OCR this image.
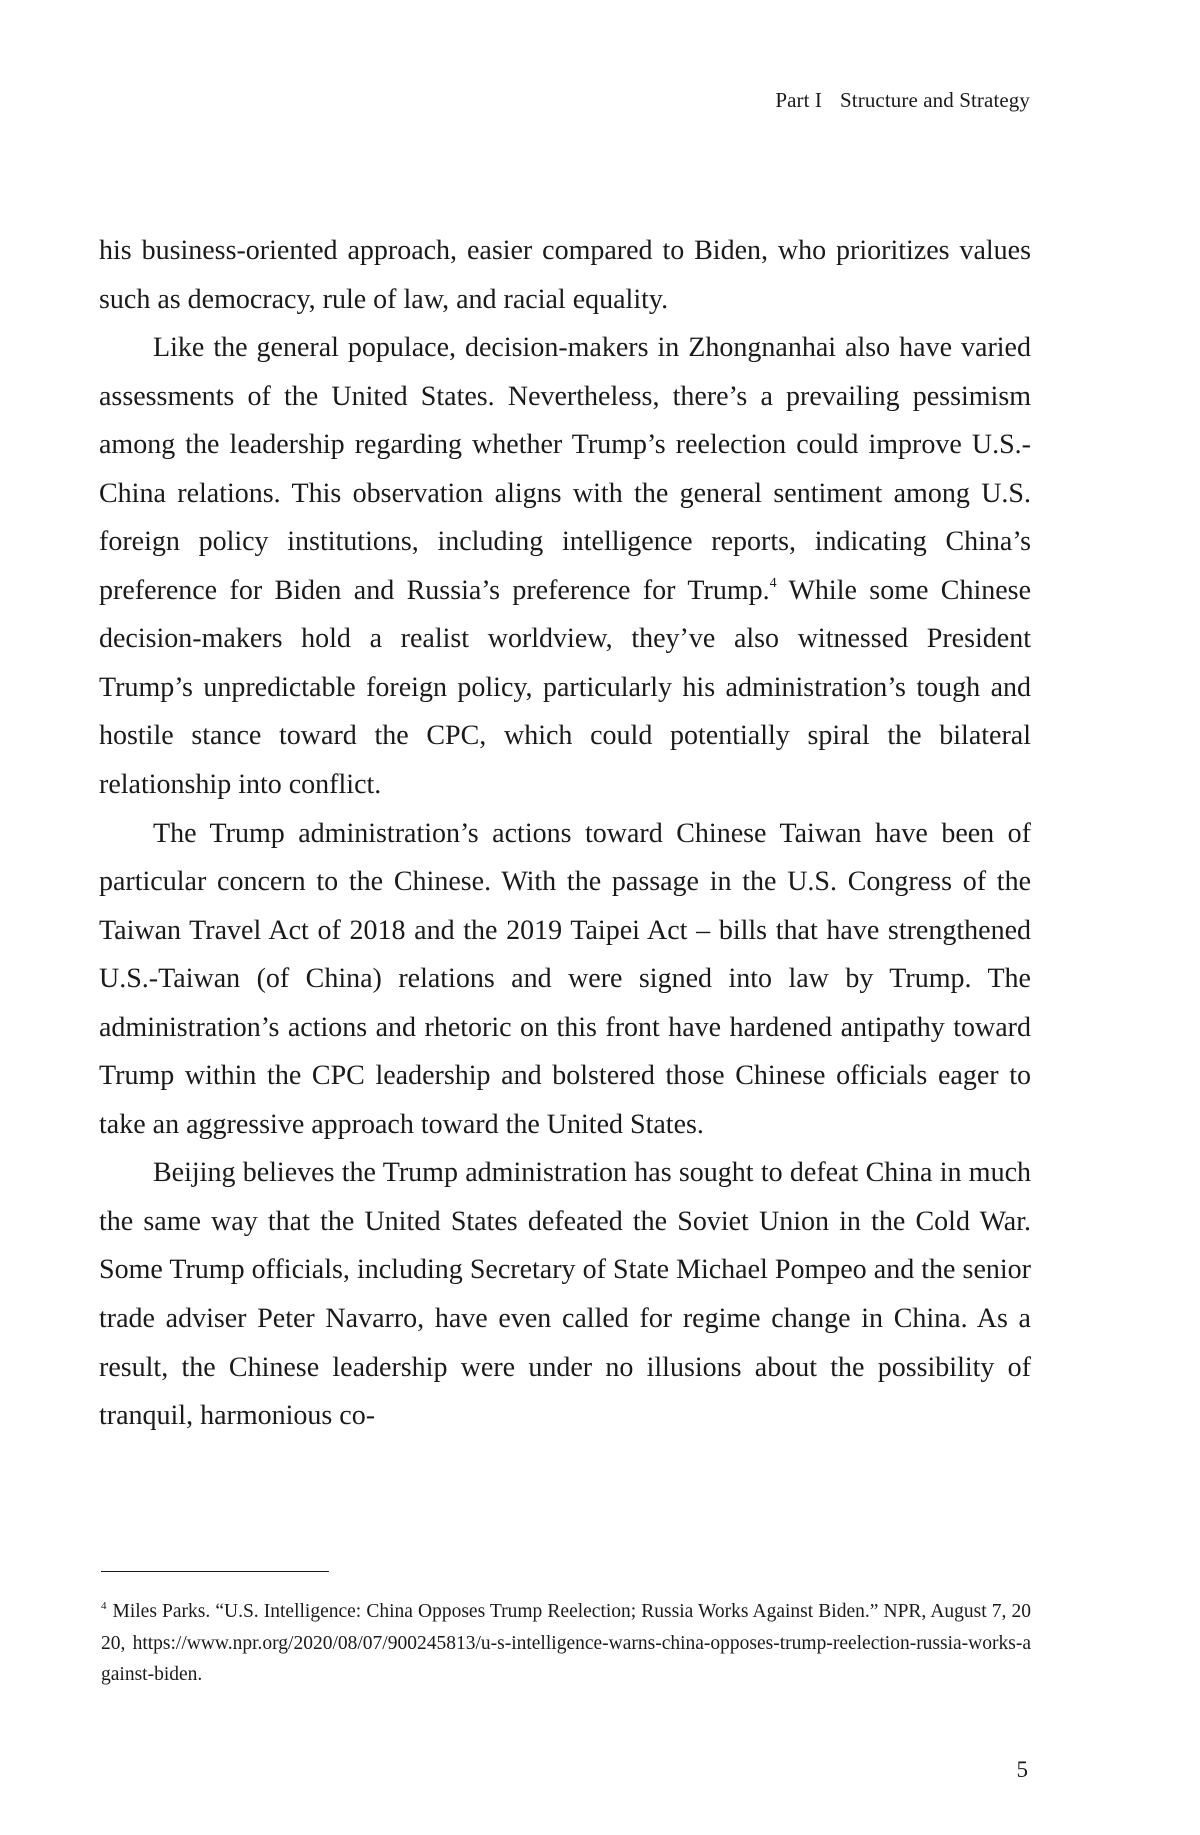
Part I Structure and Strategy

his business-oriented approach, easier compared to Biden, who prioritizes values such as democracy, rule of law, and racial equality.

Like the general populace, decision-makers in Zhongnanhai also have varied assessments of the United States. Nevertheless, there’s a prevailing pessimism among the leadership regarding whether Trump’s reelection could improve U.S.-China relations. This observation aligns with the general sentiment among U.S. foreign policy institutions, including intelligence reports, indicating China’s preference for Biden and Russia’s preference for Trump.$^4$ While some Chinese decision-makers hold a realist worldview, they’ve also witnessed President Trump’s unpredictable foreign policy, particularly his administration’s tough and hostile stance toward the CPC, which could potentially spiral the bilateral relationship into conflict.

The Trump administration’s actions toward Chinese Taiwan have been of particular concern to the Chinese. With the passage in the U.S. Congress of the Taiwan Travel Act of 2018 and the 2019 Taipei Act – bills that have strengthened U.S.-Taiwan (of China) relations and were signed into law by Trump. The administration’s actions and rhetoric on this front have hardened antipathy toward Trump within the CPC leadership and bolstered those Chinese officials eager to take an aggressive approach toward the United States.

Beijing believes the Trump administration has sought to defeat China in much the same way that the United States defeated the Soviet Union in the Cold War. Some Trump officials, including Secretary of State Michael Pompeo and the senior trade adviser Peter Navarro, have even called for regime change in China. As a result, the Chinese leadership were under no illusions about the possibility of tranquil, harmonious co-

$^4$ Miles Parks. “U.S. Intelligence: China Opposes Trump Reelection; Russia Works Against Biden.” NPR, August 7, 2020, https://www.npr.org/2020/08/07/900245813/u-s-intelligence-warns-china-opposes-trump-reelection-russia-works-against-biden.
5
